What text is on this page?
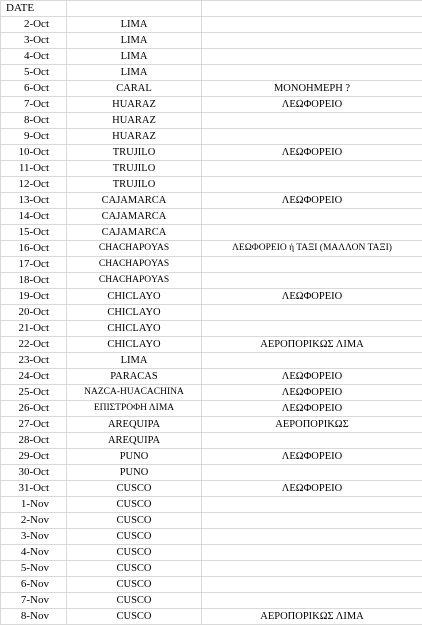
DATE		
2-Oct	LIMA	
3-Oct	LIMA	
4-Oct	LIMA	
5-Oct	LIMA	
6-Oct	CARAL	ΜΟΝΟΗΜΕΡΗ ?
7-Oct	HUARAZ	ΛΕΩΦΟΡΕΙΟ
8-Oct	HUARAZ	
9-Oct	HUARAZ	
10-Oct	TRUJILO	ΛΕΩΦΟΡΕΙΟ
11-Oct	TRUJILO	
12-Oct	TRUJILO	
13-Oct	CAJAMARCA	ΛΕΩΦΟΡΕΙΟ
14-Oct	CAJAMARCA	
15-Oct	CAJAMARCA	
16-Oct	CHACHAPOYAS	ΛΕΩΦΟΡΕΙΟ ή ΤΑΞΙ (ΜΑΛΛΟΝ ΤΑΞΙ)
17-Oct	CHACHAPOYAS	
18-Oct	CHACHAPOYAS	
19-Oct	CHICLAYO	ΛΕΩΦΟΡΕΙΟ
20-Oct	CHICLAYO	
21-Oct	CHICLAYO	
22-Oct	CHICLAYO	ΑΕΡΟΠΟΡΙΚΩΣ ΛΙΜΑ
23-Oct	LIMA	
24-Oct	PARACAS	ΛΕΩΦΟΡΕΙΟ
25-Oct	NAZCA-HUACACHINA	ΛΕΩΦΟΡΕΙΟ
26-Oct	ΕΠΙΣΤΡΟΦΗ ΛΙΜΑ	ΛΕΩΦΟΡΕΙΟ
27-Oct	AREQUIPA	ΑΕΡΟΠΟΡΙΚΩΣ
28-Oct	AREQUIPA	
29-Oct	PUNO	ΛΕΩΦΟΡΕΙΟ
30-Oct	PUNO	
31-Oct	CUSCO	ΛΕΩΦΟΡΕΙΟ
1-Nov	CUSCO	
2-Nov	CUSCO	
3-Nov	CUSCO	
4-Nov	CUSCO	
5-Nov	CUSCO	
6-Nov	CUSCO	
7-Nov	CUSCO	
8-Nov	CUSCO	ΑΕΡΟΠΟΡΙΚΩΣ ΛΙΜΑ
